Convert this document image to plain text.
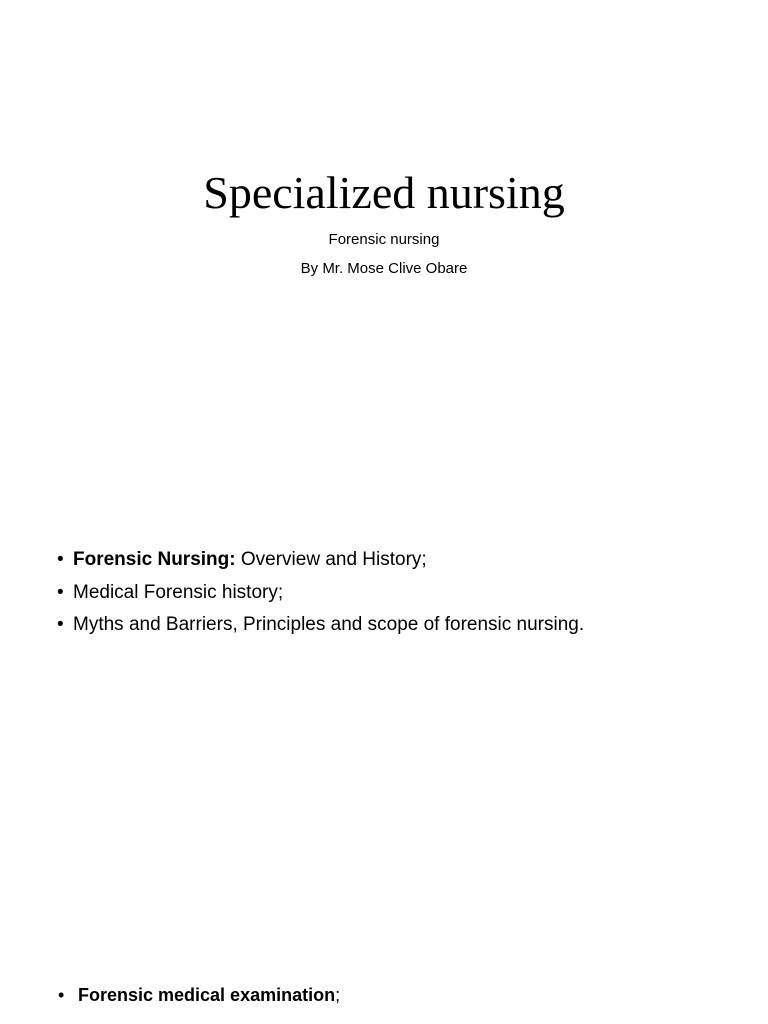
Specialized nursing
Forensic nursing
By Mr. Mose Clive Obare
• Forensic Nursing: Overview and History;
• Medical Forensic history;
• Myths and Barriers, Principles and scope of forensic nursing.
• Forensic medical examination;
